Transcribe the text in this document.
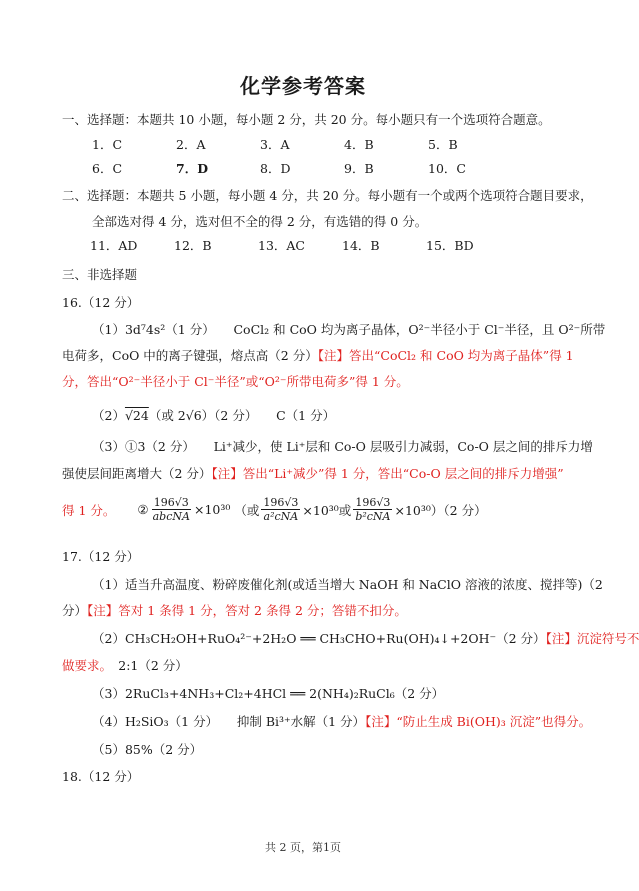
化学参考答案
一、选择题：本题共 10 小题，每小题 2 分，共 20 分。每小题只有一个选项符合题意。
1．C	2．A	3．A	4．B	5．B
6．C	7．D	8．D	9．B	10．C
二、选择题：本题共 5 小题，每小题 4 分，共 20 分。每小题有一个或两个选项符合题目要求，
全部选对得 4 分，选对但不全的得 2 分，有选错的得 0 分。
11．AD	12．B	13．AC	14．B	15．BD
三、非选择题
16.（12 分）
（1）3d⁷4s²（1 分）　　CoCl₂ 和 CoO 均为离子晶体，O²⁻半径小于 Cl⁻半径，且 O²⁻所带
电荷多，CoO 中的离子键强，熔点高（2 分）【注】答出“CoCl₂ 和 CoO 均为离子晶体”得 1
分，答出“O²⁻半径小于 Cl⁻半径”或“O²⁻所带电荷多”得 1 分。
（2）√24（或 2√6）（2 分）　　C（1 分）
（3）①3（2 分）　　Li⁺减少，使 Li⁺层和 Co-O 层吸引力减弱，Co-O 层之间的排斥力增
强使层间距离增大（2 分）【注】答出“Li⁺减少”得 1 分，答出“Co-O 层之间的排斥力增强”
得 1 分。 ② $\frac{196√3}{\text{abcNA}} \times 10^{30}$ （或 $\frac{196√3}{\text{a²cNA}} \times 10^{30}$或 $\frac{196√3}{\text{b²cNA}} \times 10^{30})(2$ 分）
17.（12 分）
（1）适当升高温度、粉碎废催化剂(或适当增大 NaOH 和 NaClO 溶液的浓度、搅拌等)（2
分）【注】答对 1 条得 1 分，答对 2 条得 2 分；答错不扣分。
（2）CH₃CH₂OH+RuO₄²⁻+2H₂O ══ CH₃CHO+Ru(OH)₄↓+2OH⁻（2 分）【注】沉淀符号不
做要求。　2:1（2 分）
（3）2RuCl₃+4NH₃+Cl₂+4HCl ══ 2(NH₄)₂RuCl₆（2 分）
（4）H₂SiO₃（1 分）　　抑制 Bi³⁺水解（1 分）【注】“防止生成 Bi(OH)₃ 沉淀”也得分。
（5）85%（2 分）
18.（12 分）
共 2 页，第1页
